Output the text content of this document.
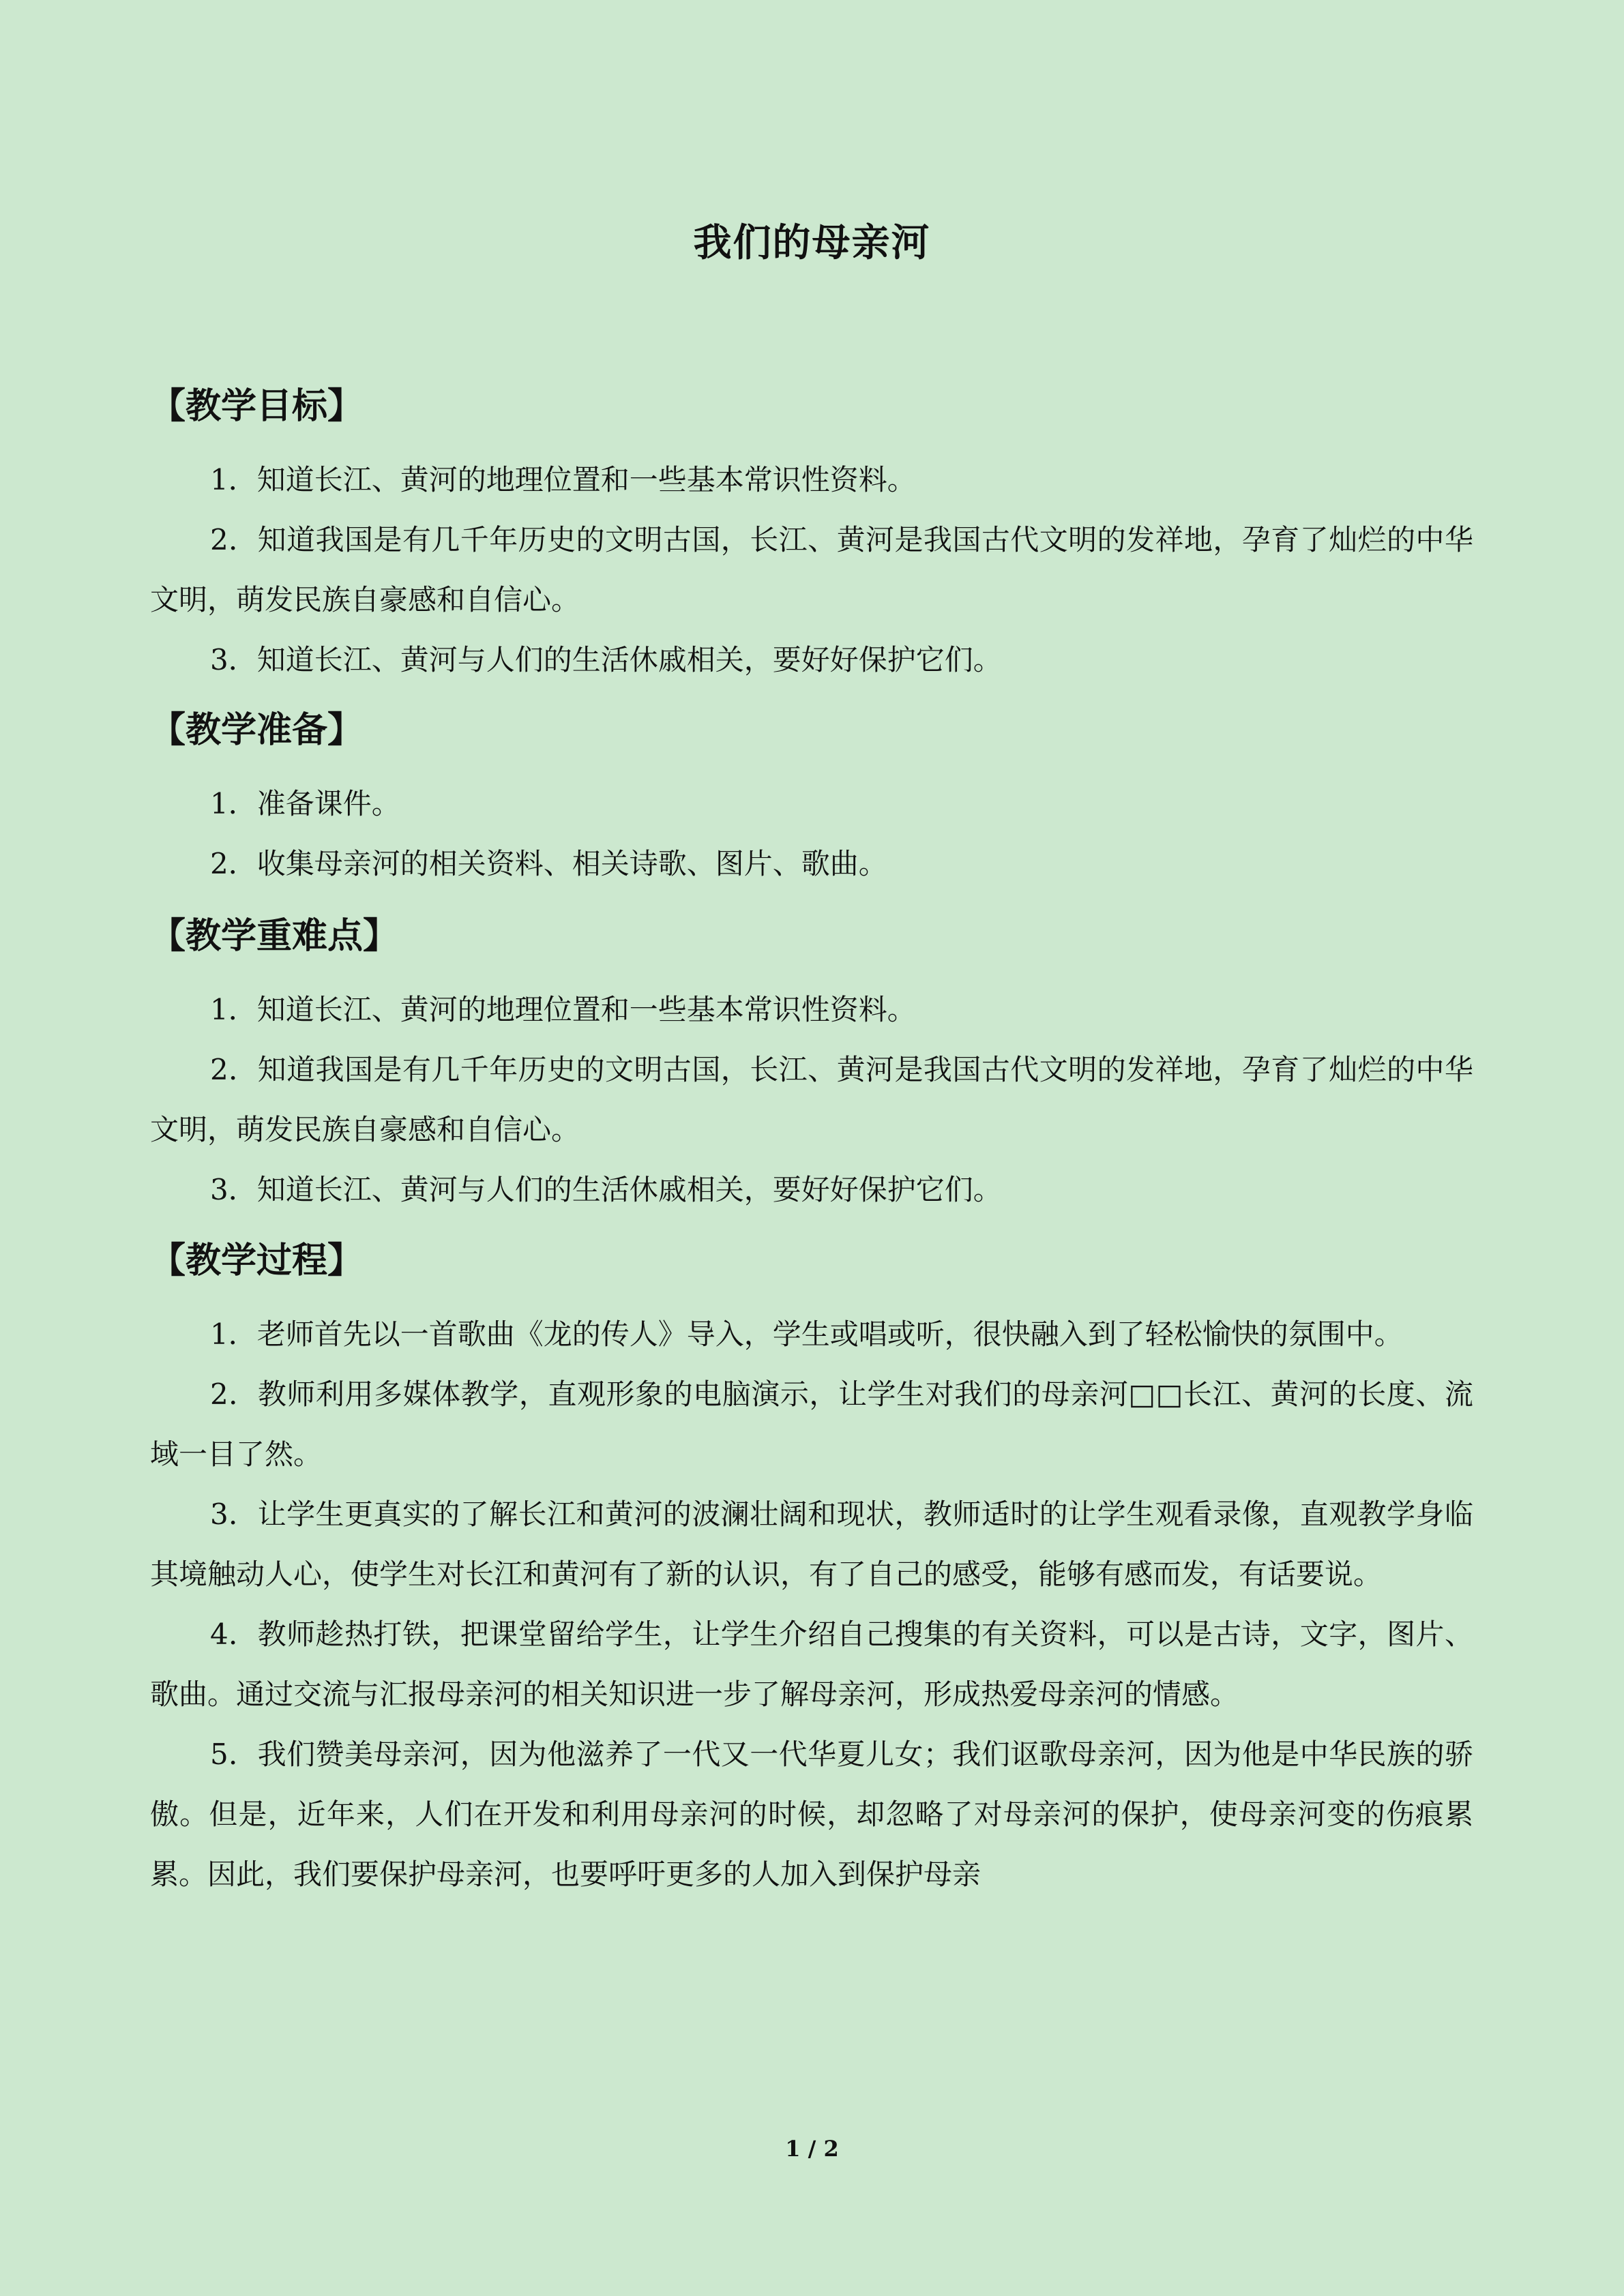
我们的母亲河
【教学目标】
1．知道长江、黄河的地理位置和一些基本常识性资料。
2．知道我国是有几千年历史的文明古国，长江、黄河是我国古代文明的发祥地，孕育了灿烂的中华文明，萌发民族自豪感和自信心。
3．知道长江、黄河与人们的生活休戚相关，要好好保护它们。
【教学准备】
1．准备课件。
2．收集母亲河的相关资料、相关诗歌、图片、歌曲。
【教学重难点】
1．知道长江、黄河的地理位置和一些基本常识性资料。
2．知道我国是有几千年历史的文明古国，长江、黄河是我国古代文明的发祥地，孕育了灿烂的中华文明，萌发民族自豪感和自信心。
3．知道长江、黄河与人们的生活休戚相关，要好好保护它们。
【教学过程】
1．老师首先以一首歌曲《龙的传人》导入，学生或唱或听，很快融入到了轻松愉快的氛围中。
2．教师利用多媒体教学，直观形象的电脑演示，让学生对我们的母亲河□□长江、黄河的长度、流域一目了然。
3．让学生更真实的了解长江和黄河的波澜壮阔和现状，教师适时的让学生观看录像，直观教学身临其境触动人心，使学生对长江和黄河有了新的认识，有了自己的感受，能够有感而发，有话要说。
4．教师趁热打铁，把课堂留给学生，让学生介绍自己搜集的有关资料，可以是古诗，文字，图片、歌曲。通过交流与汇报母亲河的相关知识进一步了解母亲河，形成热爱母亲河的情感。
5．我们赞美母亲河，因为他滋养了一代又一代华夏儿女；我们讴歌母亲河，因为他是中华民族的骄傲。但是，近年来，人们在开发和利用母亲河的时候，却忽略了对母亲河的保护，使母亲河变的伤痕累累。因此，我们要保护母亲河，也要呼吁更多的人加入到保护母亲
1 / 2
